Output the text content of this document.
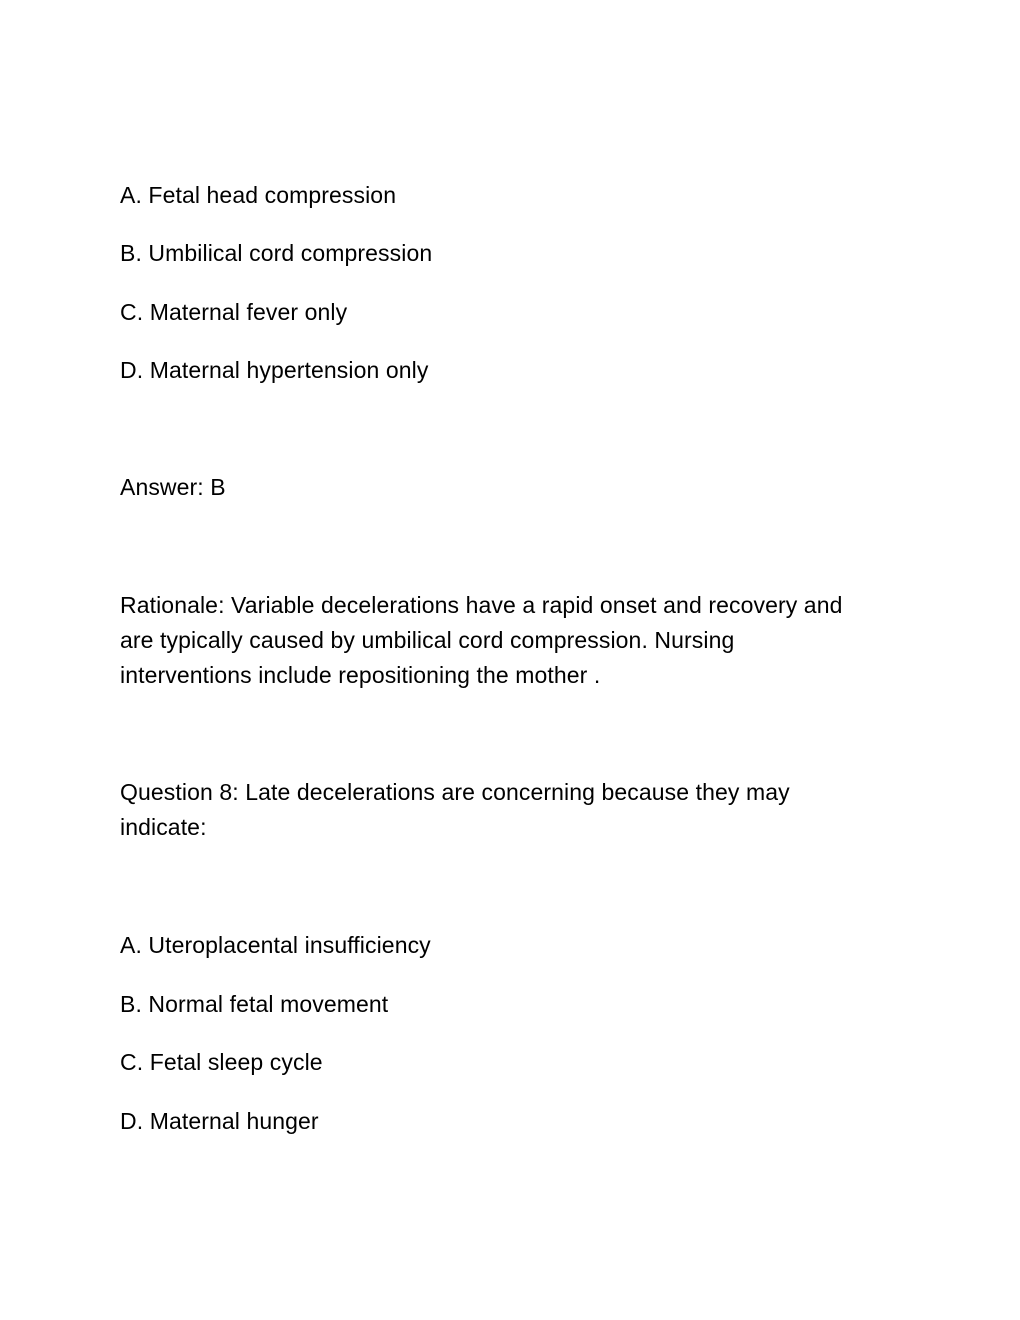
A. Fetal head compression
B. Umbilical cord compression
C. Maternal fever only
D. Maternal hypertension only
Answer: B
Rationale: Variable decelerations have a rapid onset and recovery and
are typically caused by umbilical cord compression. Nursing
interventions include repositioning the mother .
Question 8: Late decelerations are concerning because they may
indicate:
A. Uteroplacental insufficiency
B. Normal fetal movement
C. Fetal sleep cycle
D. Maternal hunger
